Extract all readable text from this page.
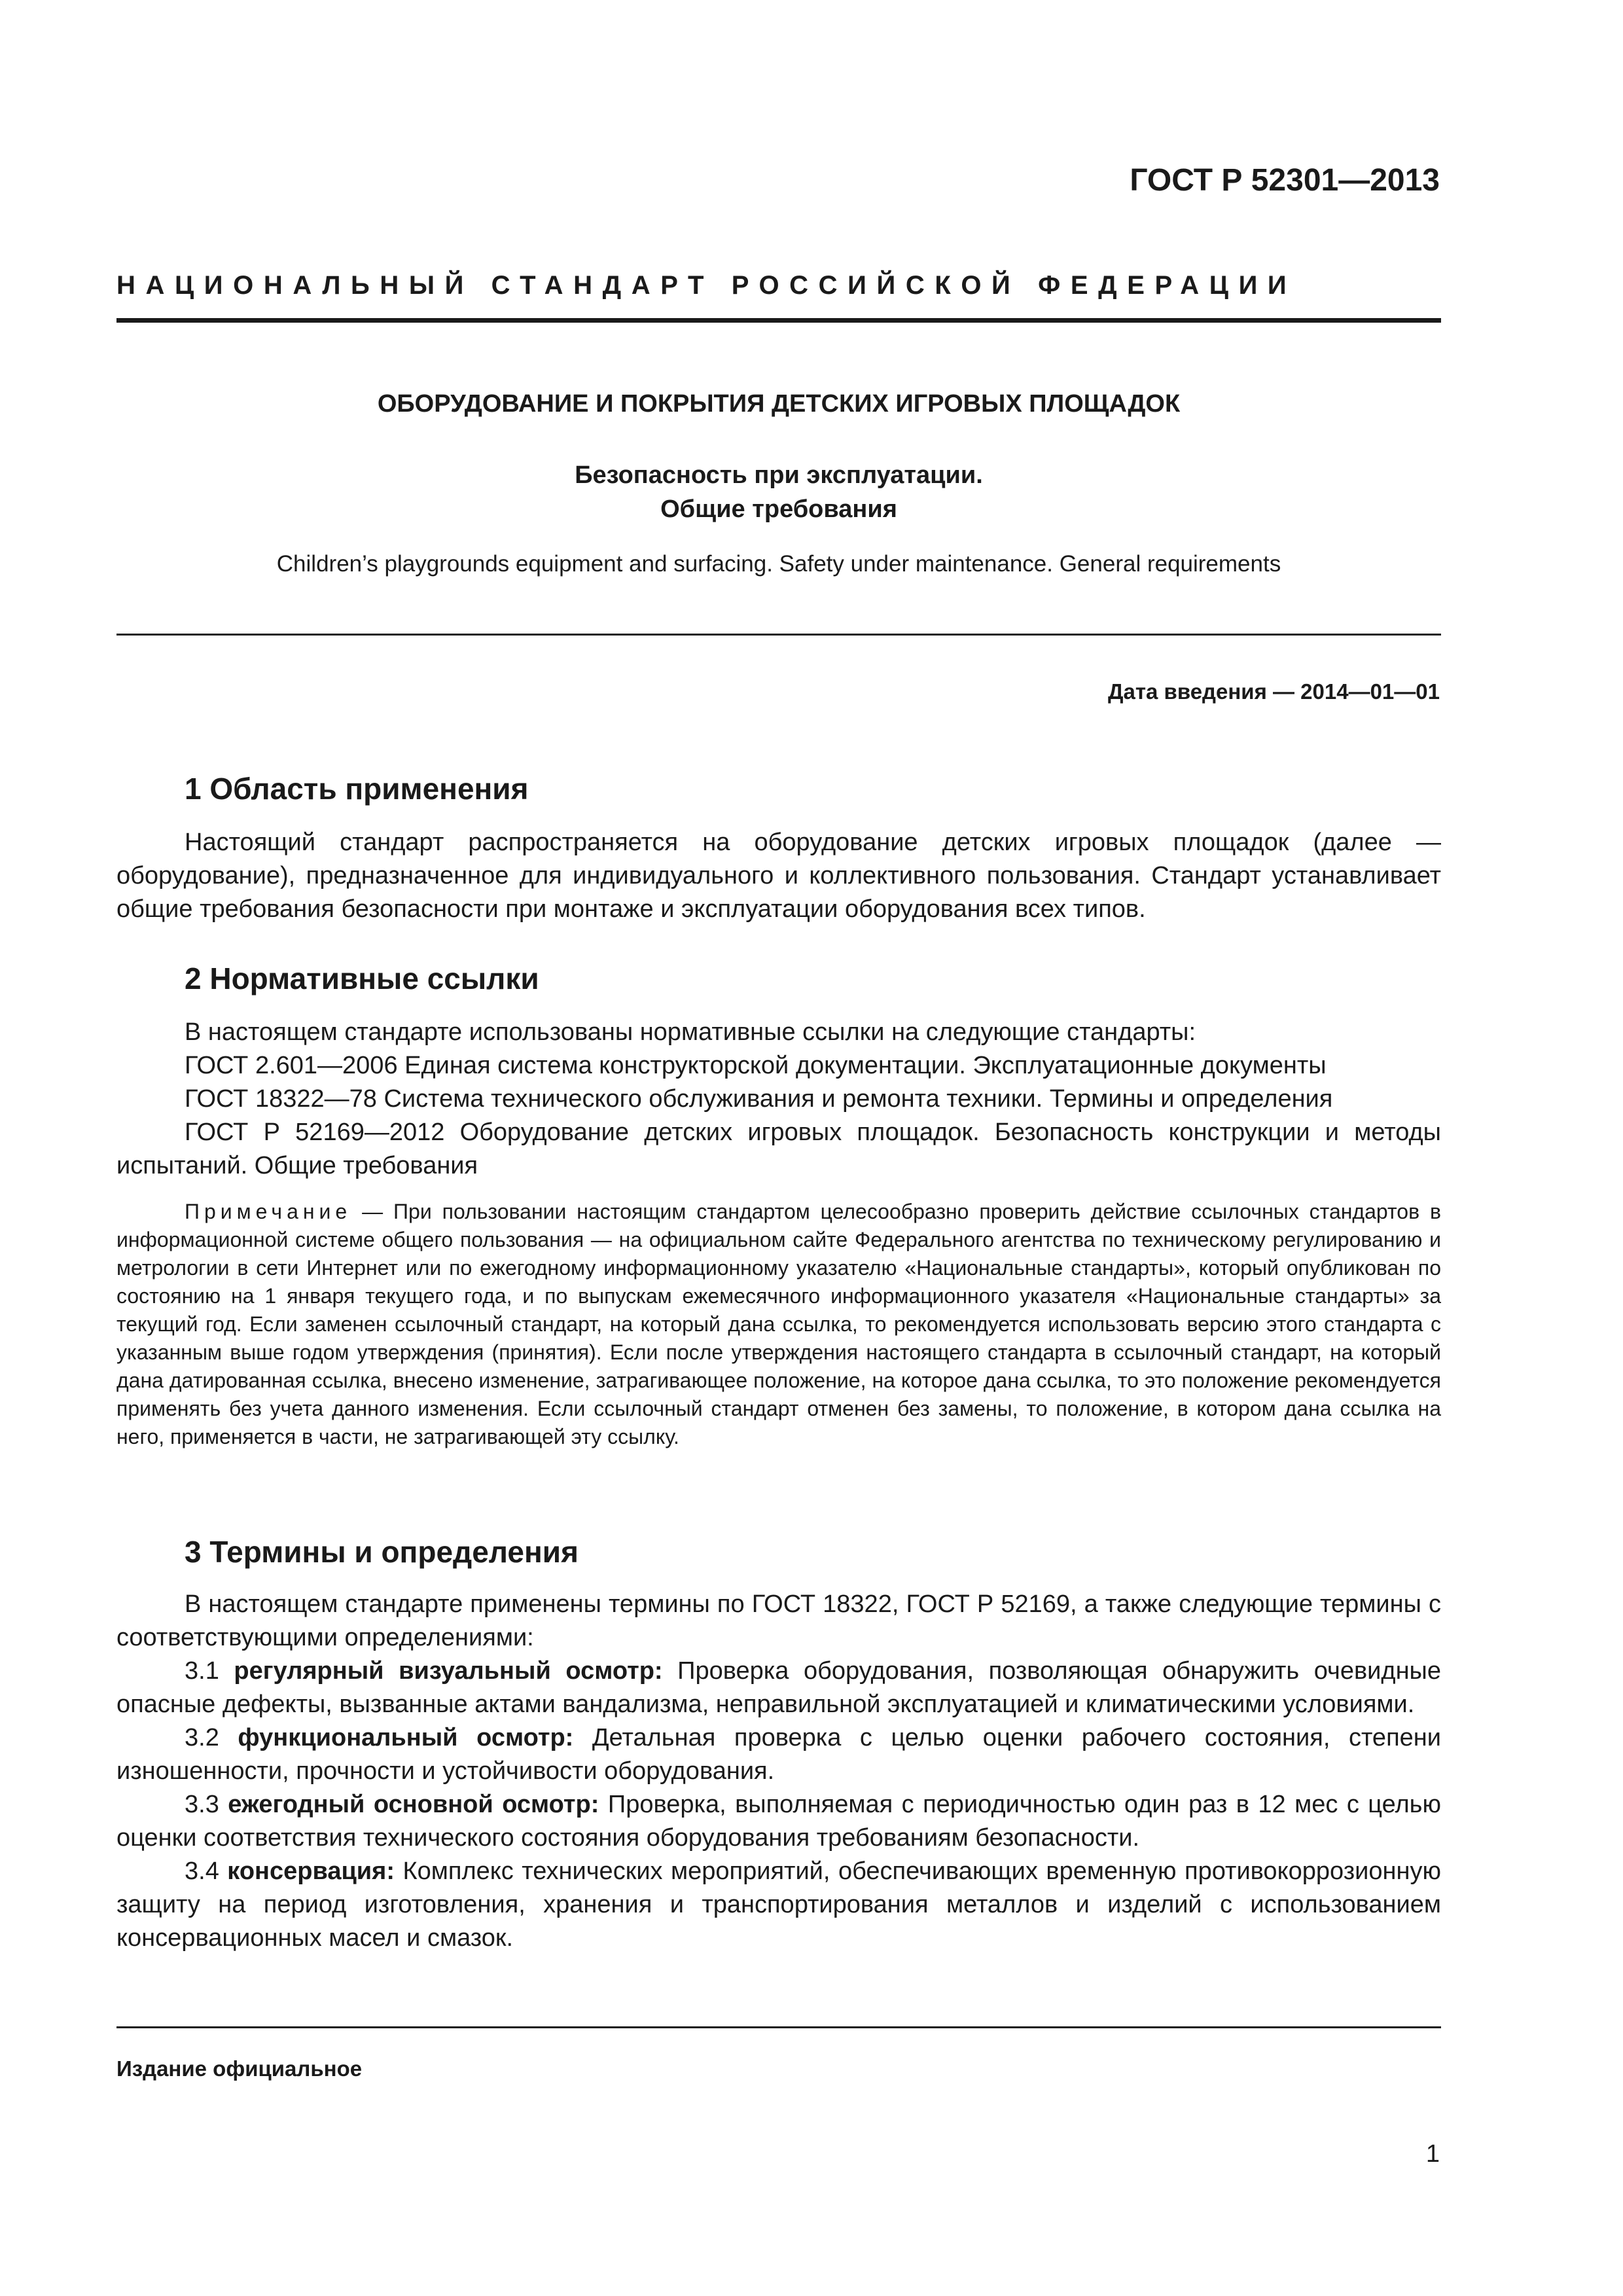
ГОСТ Р 52301—2013
НАЦИОНАЛЬНЫЙ СТАНДАРТ РОССИЙСКОЙ ФЕДЕРАЦИИ
ОБОРУДОВАНИЕ И ПОКРЫТИЯ ДЕТСКИХ ИГРОВЫХ ПЛОЩАДОК
Безопасность при эксплуатации.
Общие требования
Children’s playgrounds equipment and surfacing. Safety under maintenance. General requirements
Дата введения — 2014—01—01
1 Область применения

Настоящий стандарт распространяется на оборудование детских игровых площадок (далее — оборудование), предназначенное для индивидуального и коллективного пользования. Стандарт устанавливает общие требования безопасности при монтаже и эксплуатации оборудования всех типов.

2 Нормативные ссылки

В настоящем стандарте использованы нормативные ссылки на следующие стандарты:

ГОСТ 2.601—2006 Единая система конструкторской документации. Эксплуатационные документы

ГОСТ 18322—78 Система технического обслуживания и ремонта техники. Термины и определения

ГОСТ Р 52169—2012 Оборудование детских игровых площадок. Безопасность конструкции и методы испытаний. Общие требования

Примечание — При пользовании настоящим стандартом целесообразно проверить действие ссылочных стандартов в информационной системе общего пользования — на официальном сайте Федерального агентства по техническому регулированию и метрологии в сети Интернет или по ежегодному информационному указателю «Национальные стандарты», который опубликован по состоянию на 1 января текущего года, и по выпускам ежемесячного информационного указателя «Национальные стандарты» за текущий год. Если заменен ссылочный стандарт, на который дана ссылка, то рекомендуется использовать версию этого стандарта с указанным выше годом утверждения (принятия). Если после утверждения настоящего стандарта в ссылочный стандарт, на который дана датированная ссылка, внесено изменение, затрагивающее положение, на которое дана ссылка, то это положение рекомендуется применять без учета данного изменения. Если ссылочный стандарт отменен без замены, то положение, в котором дана ссылка на него, применяется в части, не затрагивающей эту ссылку.

3 Термины и определения

В настоящем стандарте применены термины по ГОСТ 18322, ГОСТ Р 52169, а также следующие термины с соответствующими определениями:

3.1 регулярный визуальный осмотр: Проверка оборудования, позволяющая обнаружить очевидные опасные дефекты, вызванные актами вандализма, неправильной эксплуатацией и климатическими условиями.

3.2 функциональный осмотр: Детальная проверка с целью оценки рабочего состояния, степени изношенности, прочности и устойчивости оборудования.

3.3 ежегодный основной осмотр: Проверка, выполняемая с периодичностью один раз в 12 мес с целью оценки соответствия технического состояния оборудования требованиям безопасности.

3.4 консервация: Комплекс технических мероприятий, обеспечивающих временную противокоррозионную защиту на период изготовления, хранения и транспортирования металлов и изделий с использованием консервационных масел и смазок.

Издание официальное
1
